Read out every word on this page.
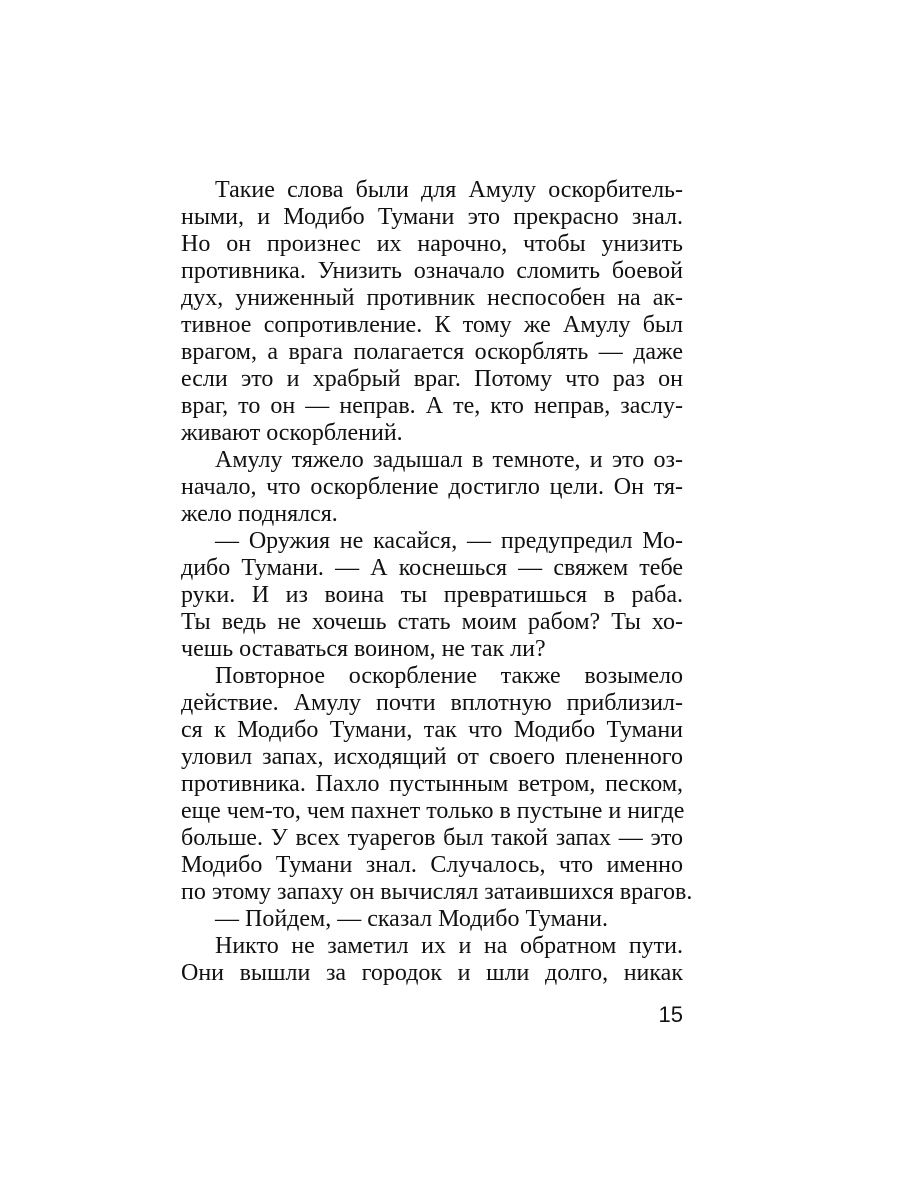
Такие слова были для Амулу оскорбитель-
ными, и Модибо Тумани это прекрасно знал.
Но он произнес их нарочно, чтобы унизить
противника. Унизить означало сломить боевой
дух, униженный противник неспособен на ак-
тивное сопротивление. К тому же Амулу был
врагом, а врага полагается оскорблять — даже
если это и храбрый враг. Потому что раз он
враг, то он — неправ. А те, кто неправ, заслу-
живают оскорблений.
Амулу тяжело задышал в темноте, и это оз-
начало, что оскорбление достигло цели. Он тя-
жело поднялся.
— Оружия не касайся, — предупредил Мо-
дибо Тумани. — А коснешься — свяжем тебе
руки. И из воина ты превратишься в раба.
Ты ведь не хочешь стать моим рабом? Ты хо-
чешь оставаться воином, не так ли?
Повторное оскорбление также возымело
действие. Амулу почти вплотную приблизил-
ся к Модибо Тумани, так что Модибо Тумани
уловил запах, исходящий от своего плененного
противника. Пахло пустынным ветром, песком,
еще чем-то, чем пахнет только в пустыне и нигде
больше. У всех туарегов был такой запах — это
Модибо Тумани знал. Случалось, что именно
по этому запаху он вычислял затаившихся врагов.
— Пойдем, — сказал Модибо Тумани.
Никто не заметил их и на обратном пути.
Они вышли за городок и шли долго, никак
15
